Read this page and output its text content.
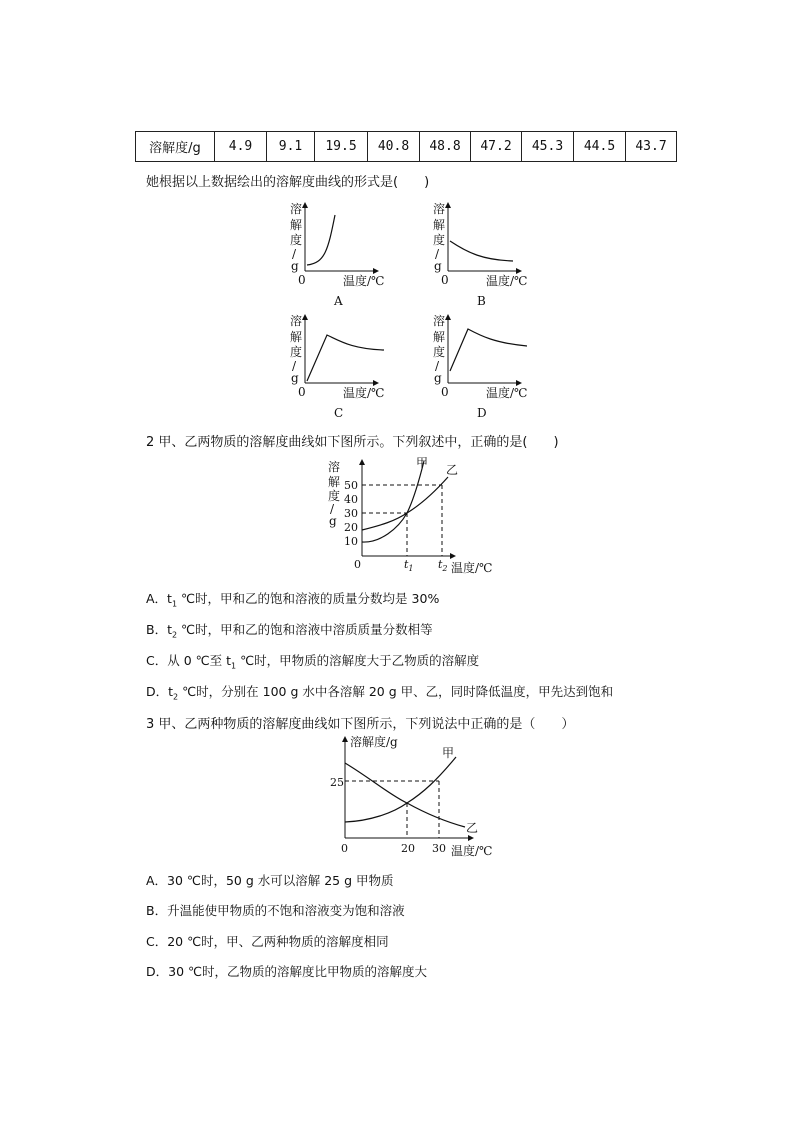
溶解度/g	4.9	9.1	19.5	40.8	48.8	47.2	45.3	44.5	43.7
她根据以上数据绘出的溶解度曲线的形式是(　　)
溶
解
度
/
g
0	温度/℃
A
溶
解
度
/
g
0	温度/℃
B
溶
解
度
/
g
0	温度/℃
C
溶
解
度
/
g
0	温度/℃
D
2 甲、乙两物质的溶解度曲线如下图所示。下列叙述中，正确的是(　　)
溶
解
度
/
g
50
40
30
20
10
甲 乙
0	$t_1$ $t_2$ 温度/℃
A．$t_1$ ℃时，甲和乙的饱和溶液的质量分数均是 30%
B．$t_2$ ℃时，甲和乙的饱和溶液中溶质质量分数相等
C．从 0 ℃至 $t_1$ ℃时，甲物质的溶解度大于乙物质的溶解度
D．$t_2$ ℃时，分别在 100 g 水中各溶解 20 g 甲、乙，同时降低温度，甲先达到饱和
3 甲、乙两种物质的溶解度曲线如下图所示，下列说法中正确的是（　　）
溶解度/g
25
甲
乙
0	20 30 温度/℃
A．30 ℃时，50 g 水可以溶解 25 g 甲物质
B．升温能使甲物质的不饱和溶液变为饱和溶液
C．20 ℃时，甲、乙两种物质的溶解度相同
D．30 ℃时，乙物质的溶解度比甲物质的溶解度大
